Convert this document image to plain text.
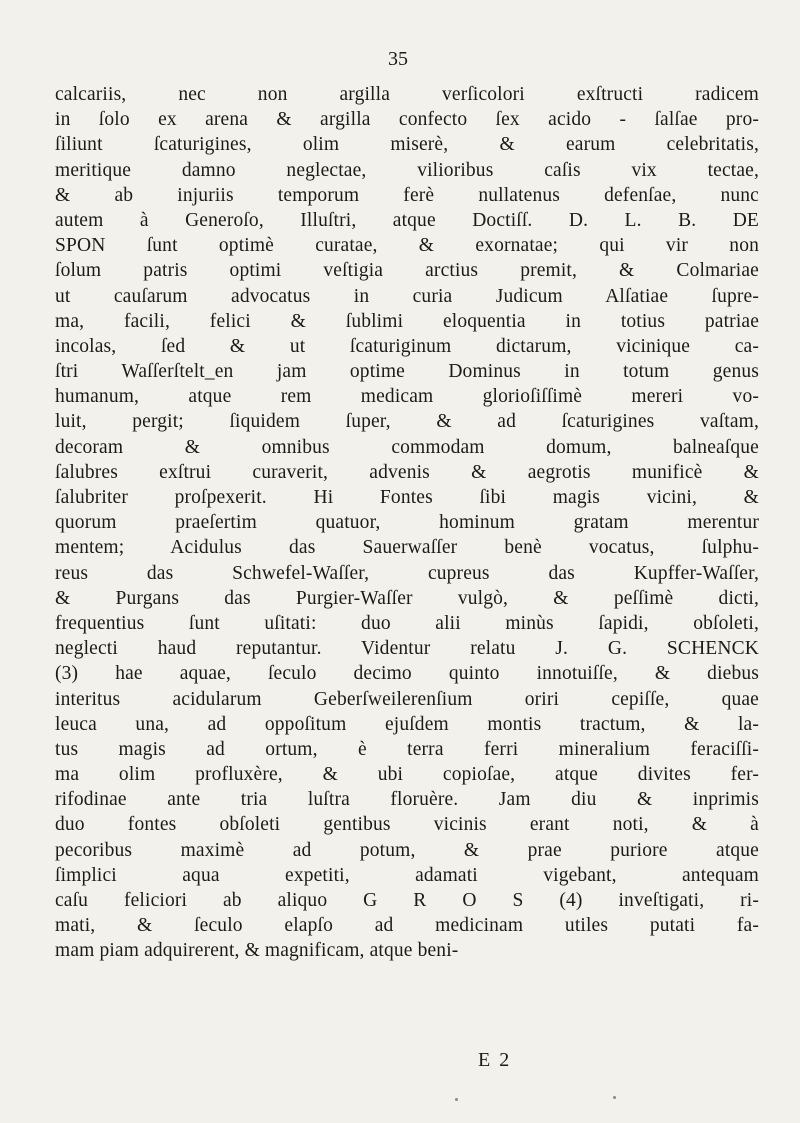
35
calcariis, nec non argilla verſicolori exſtructi radicem
in ſolo ex arena & argilla confecto ſex acido - ſalſae pro-
ſiliunt ſcaturigines, olim miserè, & earum celebritatis,
meritique damno neglectae, vilioribus caſis vix tectae,
& ab injuriis temporum ferè nullatenus defenſae, nunc
autem à Generoſo, Illuſtri, atque Doctiſſ. D. L. B. DE
SPON ſunt optimè curatae, & exornatae; qui vir non
ſolum patris optimi veſtigia arctius premit, & Colmariae
ut cauſarum advocatus in curia Judicum Alſatiae ſupre-
ma, facili, felici & ſublimi eloquentia in totius patriae
incolas, ſed & ut ſcaturiginum dictarum, vicinique ca-
ſtri Waſſerſtelt_en jam optime Dominus in totum genus
humanum, atque rem medicam glorioſiſſimè mereri vo-
luit, pergit; ſiquidem ſuper, & ad ſcaturigines vaſtam,
decoram & omnibus commodam domum, balneaſque
ſalubres exſtrui curaverit, advenis & aegrotis munificè &
ſalubriter proſpexerit. Hi Fontes ſibi magis vicini, &
quorum praeſertim quatuor, hominum gratam merentur
mentem; Acidulus das Sauerwaſſer benè vocatus, ſulphu-
reus das Schwefel-Waſſer, cupreus das Kupffer-Waſſer,
& Purgans das Purgier-Waſſer vulgò, & peſſimè dicti,
frequentius ſunt uſitati: duo alii minùs ſapidi, obſoleti,
neglecti haud reputantur. Videntur relatu J. G. SCHENCK
(3) hae aquae, ſeculo decimo quinto innotuiſſe, & diebus
interitus acidularum Geberſweilerenſium oriri cepiſſe, quae
leuca una, ad oppoſitum ejuſdem montis tractum, & la-
tus magis ad ortum, è terra ferri mineralium feraciſſi-
ma olim profluxère, & ubi copioſae, atque divites fer-
rifodinae ante tria luſtra floruère. Jam diu & inprimis
duo fontes obſoleti gentibus vicinis erant noti, & à
pecoribus maximè ad potum, & prae puriore atque
ſimplici aqua expetiti, adamati vigebant, antequam
caſu feliciori ab aliquo G R O S (4) inveſtigati, ri-
mati, & ſeculo elapſo ad medicinam utiles putati fa-
mam piam adquirerent, & magnificam, atque beni-
E 2
